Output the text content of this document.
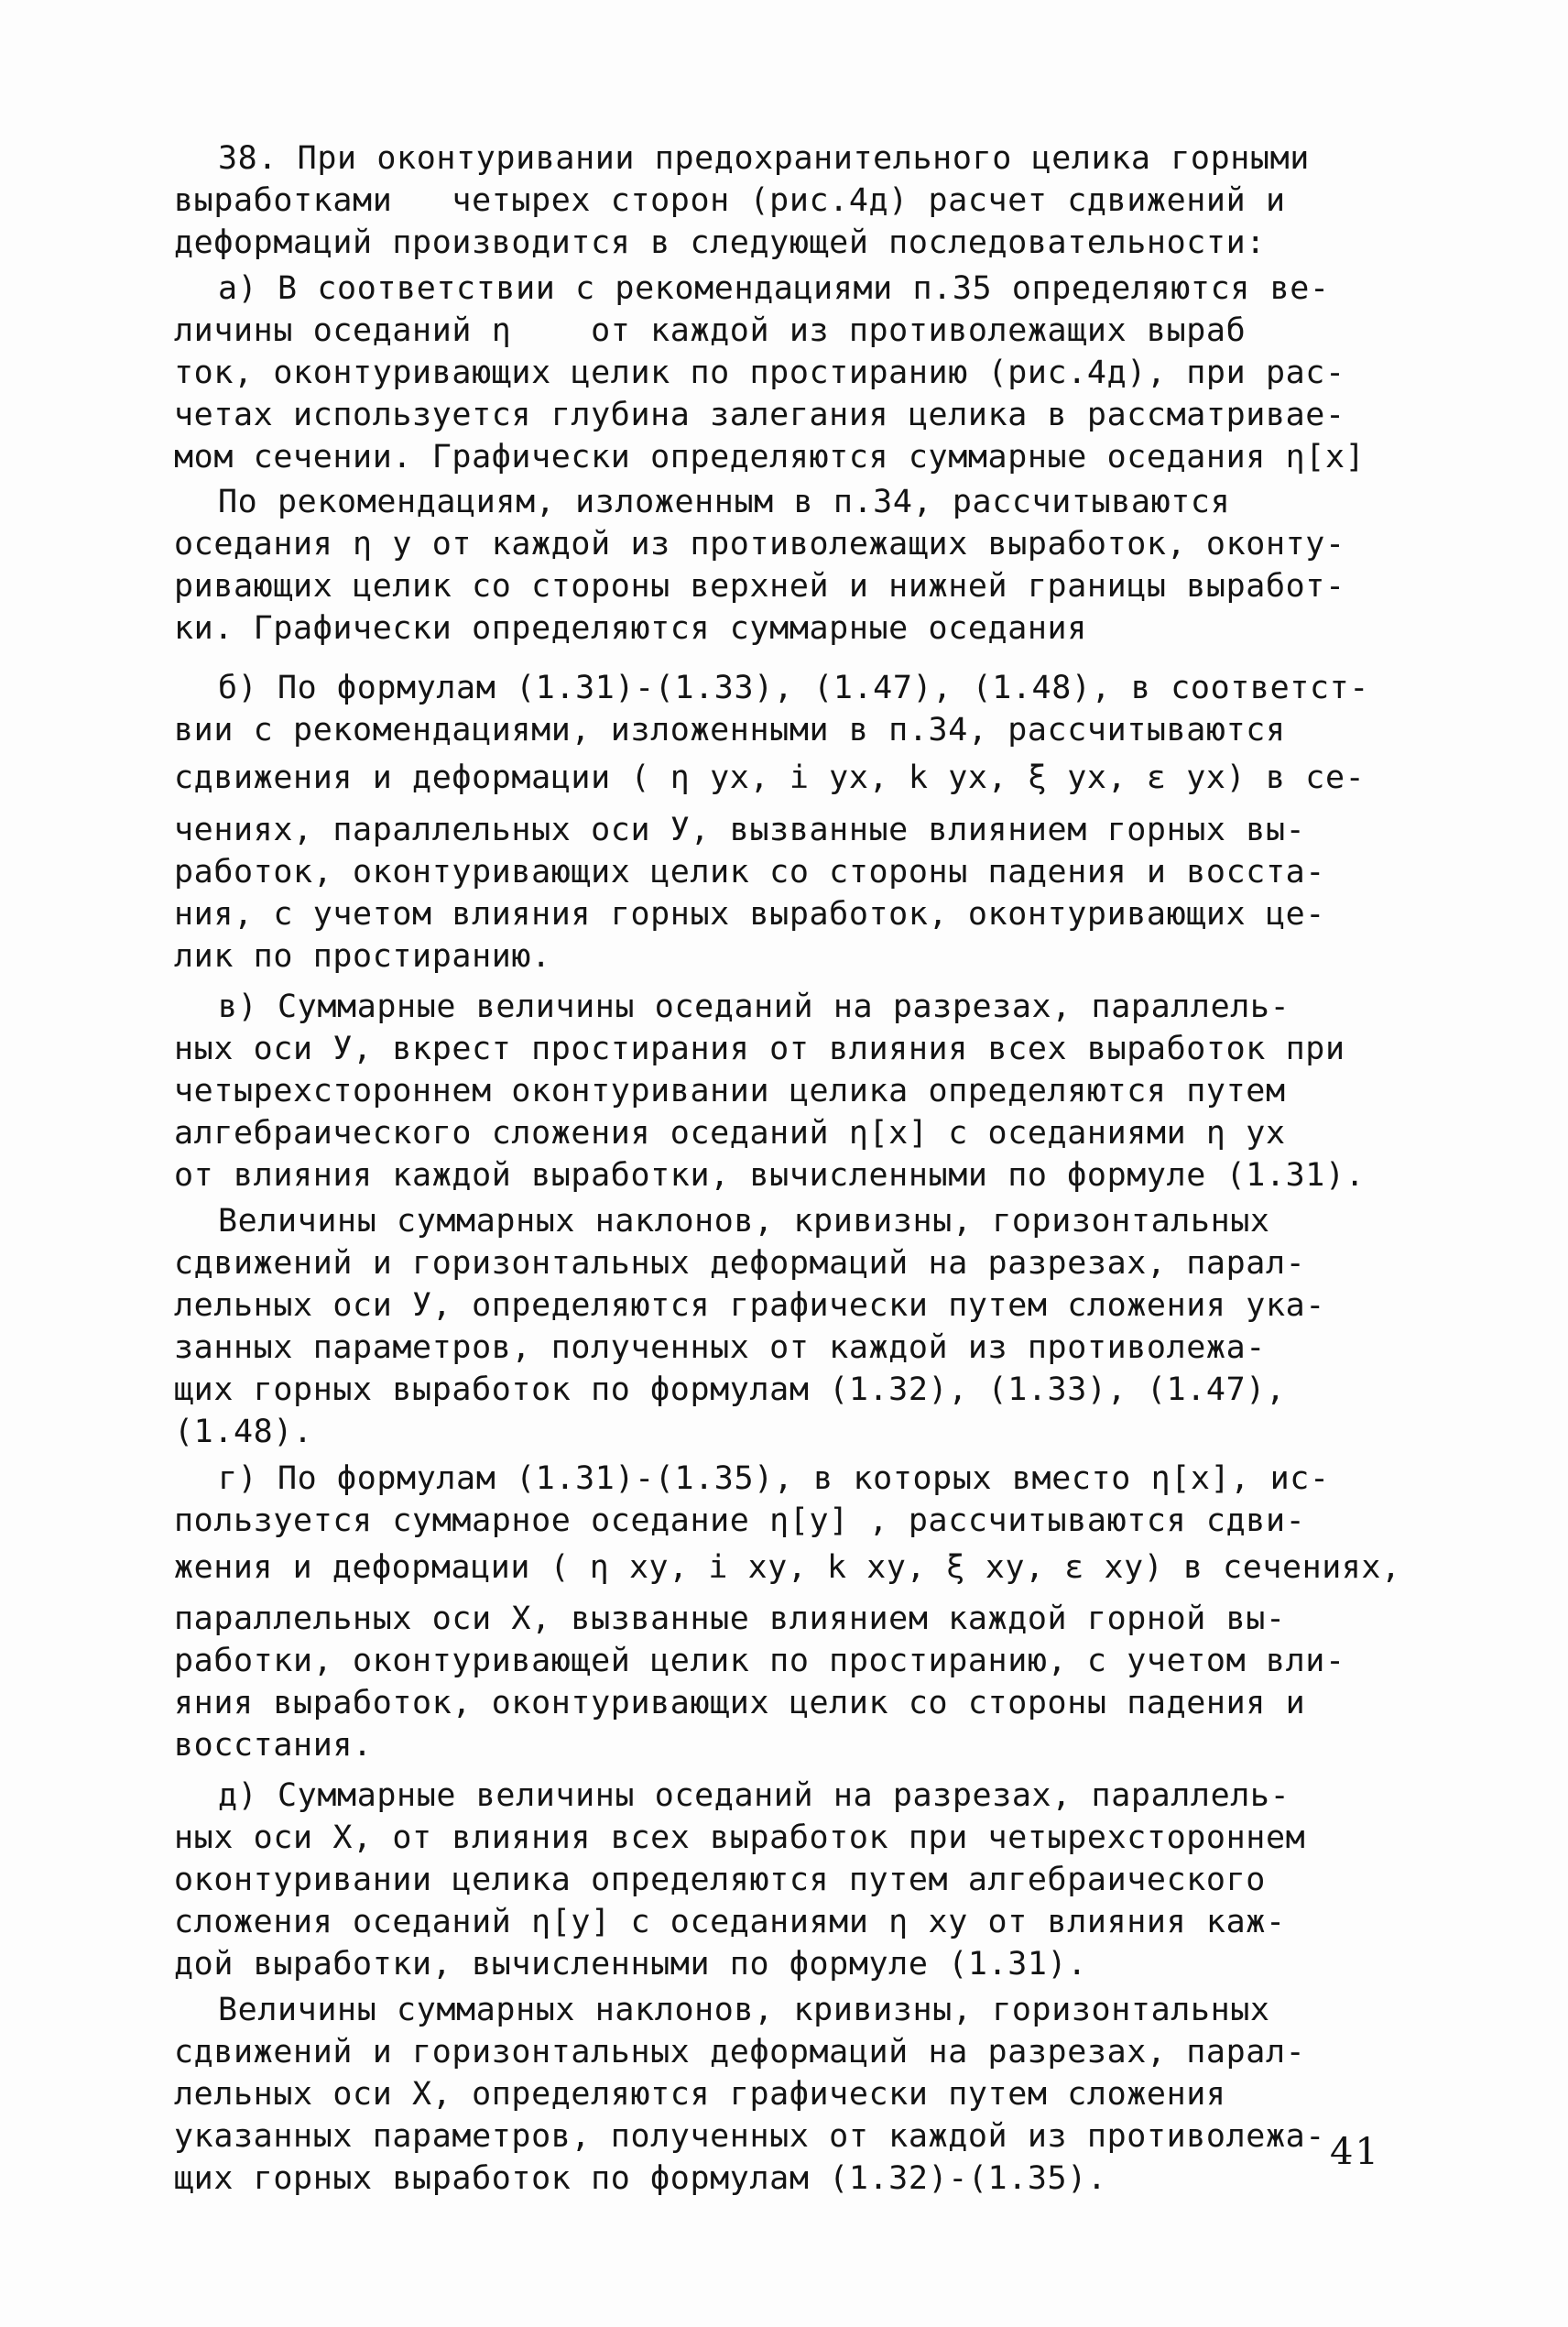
38. При оконтуривании предохранительного целика горными
выработками   четырех сторон (рис.4д) расчет сдвижений и
деформаций производится в следующей последовательности:
а) В соответствии с рекомендациями п.35 определяются ве-
личины оседаний η    от каждой из противолежащих выраб
ток, оконтуривающих целик по простиранию (рис.4д), при рас-
четах используется глубина залегания целика в рассматривае-
мом сечении. Графически определяются суммарные оседания η[x]
По рекомендациям, изложенным в п.34, рассчитываются
оседания η у от каждой из противолежащих выработок, оконту-
ривающих целик со стороны верхней и нижней границы выработ-
ки. Графически определяются суммарные оседания
б) По формулам (1.31)-(1.33), (1.47), (1.48), в соответст-
вии с рекомендациями, изложенными в п.34, рассчитываются
сдвижения и деформации ( η ух, i ух, k ух, ξ ух, ε ух) в се-
чениях, параллельных оси У, вызванные влиянием горных вы-
работок, оконтуривающих целик со стороны падения и восста-
ния, с учетом влияния горных выработок, оконтуривающих це-
лик по простиранию.
в) Суммарные величины оседаний на разрезах, параллель-
ных оси У, вкрест простирания от влияния всех выработок при
четырехстороннем оконтуривании целика определяются путем
алгебраического сложения оседаний η[x] с оседаниями η ух
от влияния каждой выработки, вычисленными по формуле (1.31).
Величины суммарных наклонов, кривизны, горизонтальных
сдвижений и горизонтальных деформаций на разрезах, парал-
лельных оси У, определяются графически путем сложения ука-
занных параметров, полученных от каждой из противолежа-
щих горных выработок по формулам (1.32), (1.33), (1.47),
(1.48).
г) По формулам (1.31)-(1.35), в которых вместо η[x], ис-
пользуется суммарное оседание η[y] , рассчитываются сдви-
жения и деформации ( η ху, i ху, k ху, ξ ху, ε ху) в сечениях,
параллельных оси Х, вызванные влиянием каждой горной вы-
работки, оконтуривающей целик по простиранию, с учетом вли-
яния выработок, оконтуривающих целик со стороны падения и
восстания.
д) Суммарные величины оседаний на разрезах, параллель-
ных оси Х, от влияния всех выработок при четырехстороннем
оконтуривании целика определяются путем алгебраического
сложения оседаний η[y] с оседаниями η ху от влияния каж-
дой выработки, вычисленными по формуле (1.31).
Величины суммарных наклонов, кривизны, горизонтальных
сдвижений и горизонтальных деформаций на разрезах, парал-
лельных оси Х, определяются графически путем сложения
указанных параметров, полученных от каждой из противолежа-
щих горных выработок по формулам (1.32)-(1.35).
41
